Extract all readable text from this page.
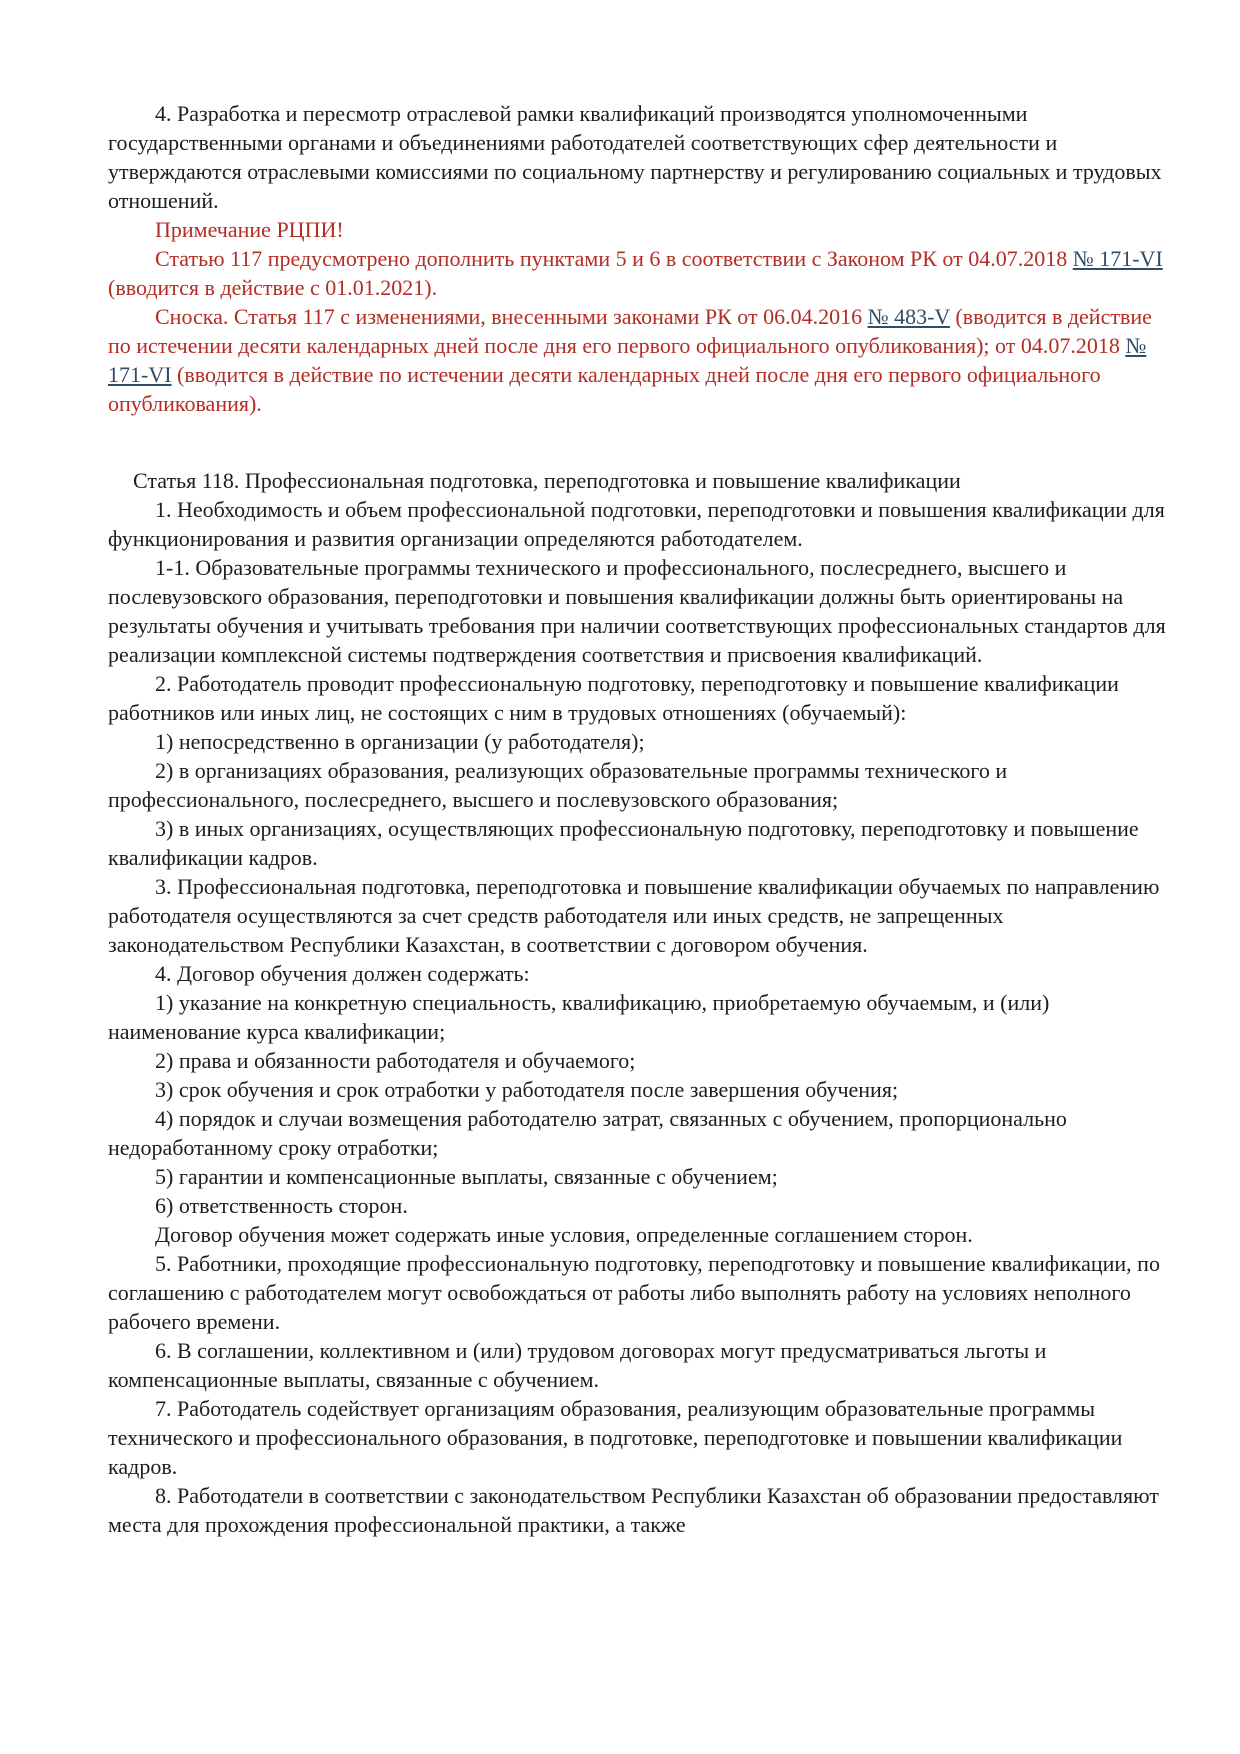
4. Разработка и пересмотр отраслевой рамки квалификаций производятся уполномоченными государственными органами и объединениями работодателей соответствующих сфер деятельности и утверждаются отраслевыми комиссиями по социальному партнерству и регулированию социальных и трудовых отношений.

Примечание РЦПИ!

Статью 117 предусмотрено дополнить пунктами 5 и 6 в соответствии с Законом РК от 04.07.2018 № 171-VI (вводится в действие с 01.01.2021).

Сноска. Статья 117 с изменениями, внесенными законами РК от 06.04.2016 № 483-V (вводится в действие по истечении десяти календарных дней после дня его первого официального опубликования); от 04.07.2018 № 171-VI (вводится в действие по истечении десяти календарных дней после дня его первого официального опубликования).

Статья 118. Профессиональная подготовка, переподготовка и повышение квалификации

1. Необходимость и объем профессиональной подготовки, переподготовки и повышения квалификации для функционирования и развития организации определяются работодателем.

1-1. Образовательные программы технического и профессионального, послесреднего, высшего и послевузовского образования, переподготовки и повышения квалификации должны быть ориентированы на результаты обучения и учитывать требования при наличии соответствующих профессиональных стандартов для реализации комплексной системы подтверждения соответствия и присвоения квалификаций.

2. Работодатель проводит профессиональную подготовку, переподготовку и повышение квалификации работников или иных лиц, не состоящих с ним в трудовых отношениях (обучаемый):

1) непосредственно в организации (у работодателя);

2) в организациях образования, реализующих образовательные программы технического и профессионального, послесреднего, высшего и послевузовского образования;

3) в иных организациях, осуществляющих профессиональную подготовку, переподготовку и повышение квалификации кадров.

3. Профессиональная подготовка, переподготовка и повышение квалификации обучаемых по направлению работодателя осуществляются за счет средств работодателя или иных средств, не запрещенных законодательством Республики Казахстан, в соответствии с договором обучения.

4. Договор обучения должен содержать:

1) указание на конкретную специальность, квалификацию, приобретаемую обучаемым, и (или) наименование курса квалификации;

2) права и обязанности работодателя и обучаемого;

3) срок обучения и срок отработки у работодателя после завершения обучения;

4) порядок и случаи возмещения работодателю затрат, связанных с обучением, пропорционально недоработанному сроку отработки;

5) гарантии и компенсационные выплаты, связанные с обучением;

6) ответственность сторон.

Договор обучения может содержать иные условия, определенные соглашением сторон.

5. Работники, проходящие профессиональную подготовку, переподготовку и повышение квалификации, по соглашению с работодателем могут освобождаться от работы либо выполнять работу на условиях неполного рабочего времени.

6. В соглашении, коллективном и (или) трудовом договорах могут предусматриваться льготы и компенсационные выплаты, связанные с обучением.

7. Работодатель содействует организациям образования, реализующим образовательные программы технического и профессионального образования, в подготовке, переподготовке и повышении квалификации кадров.

8. Работодатели в соответствии с законодательством Республики Казахстан об образовании предоставляют места для прохождения профессиональной практики, а также
